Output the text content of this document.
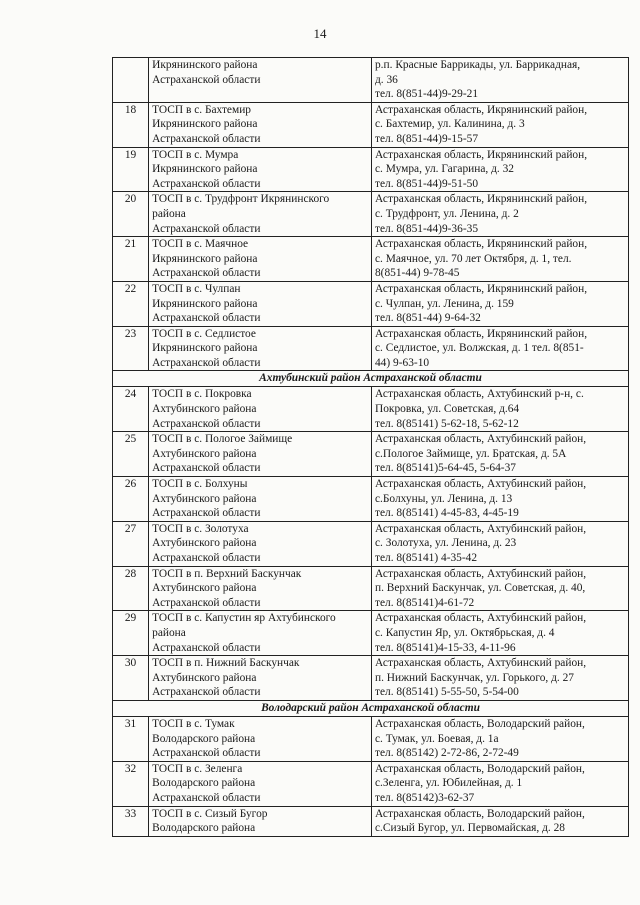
14

	Икрянинского района
Астраханской области	р.п. Красные Баррикады, ул. Баррикадная,
д. 36
тел. 8(851-44)9-29-21

18	ТОСП в с. Бахтемир
Икрянинского района
Астраханской области	Астраханская область, Икрянинский район,
с. Бахтемир, ул. Калинина, д. 3
тел. 8(851-44)9-15-57

19	ТОСП в с. Мумра
Икрянинского района
Астраханской области	Астраханская область, Икрянинский район,
с. Мумра, ул. Гагарина, д. 32
тел. 8(851-44)9-51-50

20	ТОСП в с. Трудфронт Икрянинского
района
Астраханской области	Астраханская область, Икрянинский район,
с. Трудфронт, ул. Ленина, д. 2
тел. 8(851-44)9-36-35

21	ТОСП в с. Маячное
Икрянинского района
Астраханской области	Астраханская область, Икрянинский район,
с. Маячное, ул. 70 лет Октября, д. 1, тел.
8(851-44) 9-78-45

22	ТОСП в с. Чулпан
Икрянинского района
Астраханской области	Астраханская область, Икрянинский район,
с. Чулпан, ул. Ленина, д. 159
тел. 8(851-44) 9-64-32

23	ТОСП в с. Седлистое
Икрянинского района
Астраханской области	Астраханская область, Икрянинский район,
с. Седлистое, ул. Волжская, д. 1 тел. 8(851-
44) 9-63-10

Ахтубинский район Астраханской области		
24	ТОСП в с. Покровка
Ахтубинского района
Астраханской области	Астраханская область, Ахтубинский р-н, с.
Покровка, ул. Советская, д.64
тел. 8(85141) 5-62-18, 5-62-12

25	ТОСП в с. Пологое Займище
Ахтубинского района
Астраханской области	Астраханская область, Ахтубинский район,
с.Пологое Займище, ул. Братская, д. 5А
тел. 8(85141)5-64-45, 5-64-37

26	ТОСП в с. Болхуны
Ахтубинского района
Астраханской области	Астраханская область, Ахтубинский район,
с.Болхуны, ул. Ленина, д. 13
тел. 8(85141) 4-45-83, 4-45-19

27	ТОСП в с. Золотуха
Ахтубинского района
Астраханской области	Астраханская область, Ахтубинский район,
с. Золотуха, ул. Ленина, д. 23
тел. 8(85141) 4-35-42

28	ТОСП в п. Верхний Баскунчак
Ахтубинского района
Астраханской области	Астраханская область, Ахтубинский район,
п. Верхний Баскунчак, ул. Советская, д. 40,
тел. 8(85141)4-61-72

29	ТОСП в с. Капустин яр Ахтубинского
района
Астраханской области	Астраханская область, Ахтубинский район,
с. Капустин Яр, ул. Октябрьская, д. 4
тел. 8(85141)4-15-33, 4-11-96

30	ТОСП в п. Нижний Баскунчак
Ахтубинского района
Астраханской области	Астраханская область, Ахтубинский район,
п. Нижний Баскунчак, ул. Горького, д. 27
тел. 8(85141) 5-55-50, 5-54-00

Володарский район Астраханской области		
31	ТОСП в с. Тумак
Володарского района
Астраханской области	Астраханская область, Володарский район,
с. Тумак, ул. Боевая, д. 1а
тел. 8(85142) 2-72-86, 2-72-49

32	ТОСП в с. Зеленга
Володарского района
Астраханской области	Астраханская область, Володарский район,
с.Зеленга, ул. Юбилейная, д. 1
тел. 8(85142)3-62-37

33	ТОСП в с. Сизый Бугор
Володарского района	Астраханская область, Володарский район,
с.Сизый Бугор, ул. Первомайская, д. 28
